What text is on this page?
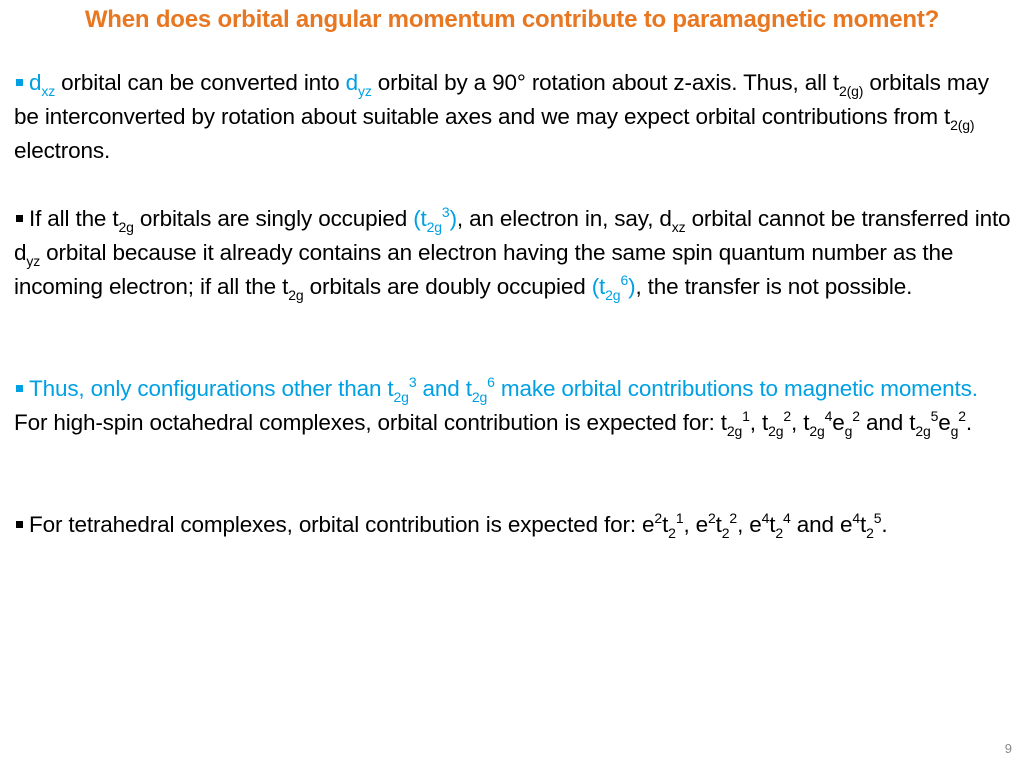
When does orbital angular momentum contribute to paramagnetic moment?
$d_{xz}$ orbital can be converted into $d_{yz}$ orbital by a 90° rotation about z-axis. Thus, all $t_{2(g)}$ orbitals may be interconverted by rotation about suitable axes and we may expect orbital contributions from $t_{2(g)}$ electrons.
If all the $t_{2g}$ orbitals are singly occupied $(t_{2g}^3)$, an electron in, say, $d_{xz}$ orbital cannot be transferred into $d_{yz}$ orbital because it already contains an electron having the same spin quantum number as the incoming electron; if all the $t_{2g}$ orbitals are doubly occupied $(t_{2g}^6)$, the transfer is not possible.
Thus, only configurations other than $t_{2g}^3$ and $t_{2g}^6$ make orbital contributions to magnetic moments. For high-spin octahedral complexes, orbital contribution is expected for: $t_{2g}^1$, $t_{2g}^2$, $t_{2g}^4e_g^2$ and $t_{2g}^5e_g^2$.
For tetrahedral complexes, orbital contribution is expected for: $e^2t_2^1$, $e^2t_2^2$, $e^4t_2^4$ and $e^4t_2^5$.
9
